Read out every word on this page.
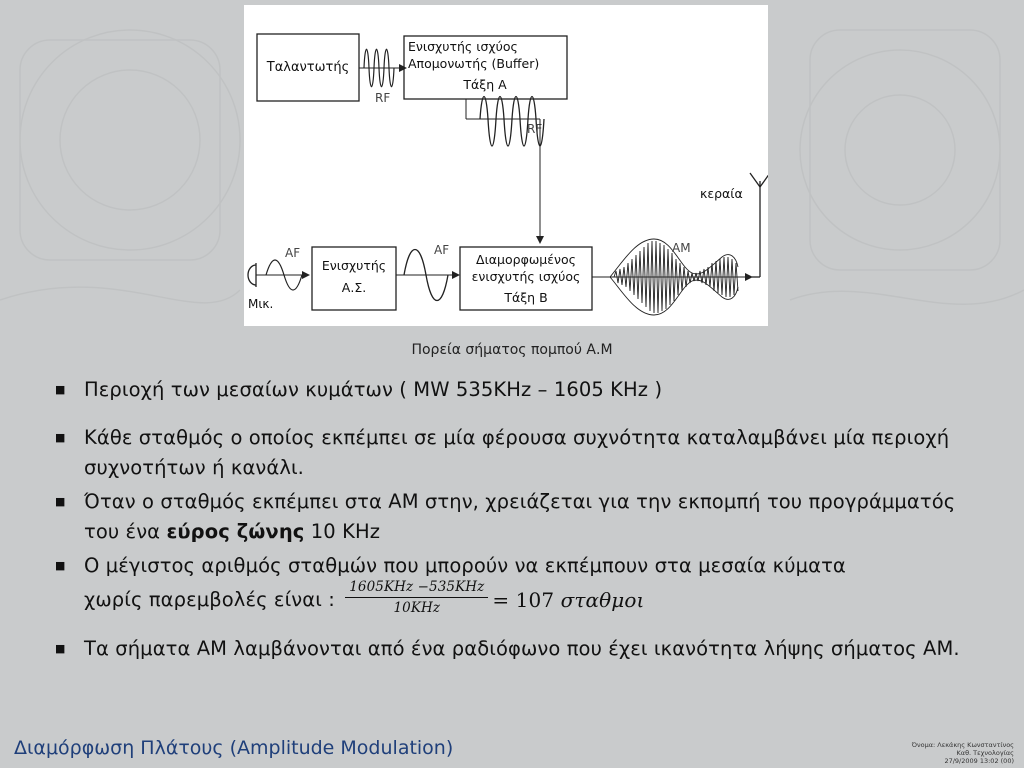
Ταλαντωτής
RF
Ενισχυτής ισχύος
Απομονωτής (Buffer)
Τάξη Α
RF
Μικ.
AF
Ενισχυτής
Α.Σ.
AF
Διαμορφωμένος
ενισχυτής ισχύος
Τάξη Β
AM
κεραία
Πορεία σήματος πομπού Α.Μ
■ Περιοχή των μεσαίων κυμάτων ( MW 535KHz – 1605 KHz )
■ Κάθε σταθμός ο οποίος εκπέμπει σε μία φέρουσα συχνότητα καταλαμβάνει μία περιοχή συχνοτήτων ή κανάλι.
■ Όταν ο σταθμός εκπέμπει στα ΑΜ στην, χρειάζεται για την εκπομπή του προγράμματός του ένα εύρος ζώνης 10 KHz
■ Ο μέγιστος αριθμός σταθμών που μπορούν να εκπέμπουν στα μεσαία κύματα

χωρίς παρεμβολές είναι : $\frac{\text{1605KHz −535KHz}}{\text{10KHz}} = 107$ σταθμοι
■ Τα σήματα ΑΜ λαμβάνονται από ένα ραδιόφωνο που έχει ικανότητα λήψης σήματος ΑΜ.
Διαμόρφωση Πλάτους (Amplitude Modulation)	Όνομα: Λεκάκης Κωνσταντίνος
Καθ. Τεχνολογίας
27/9/2009 13:02 (00)
